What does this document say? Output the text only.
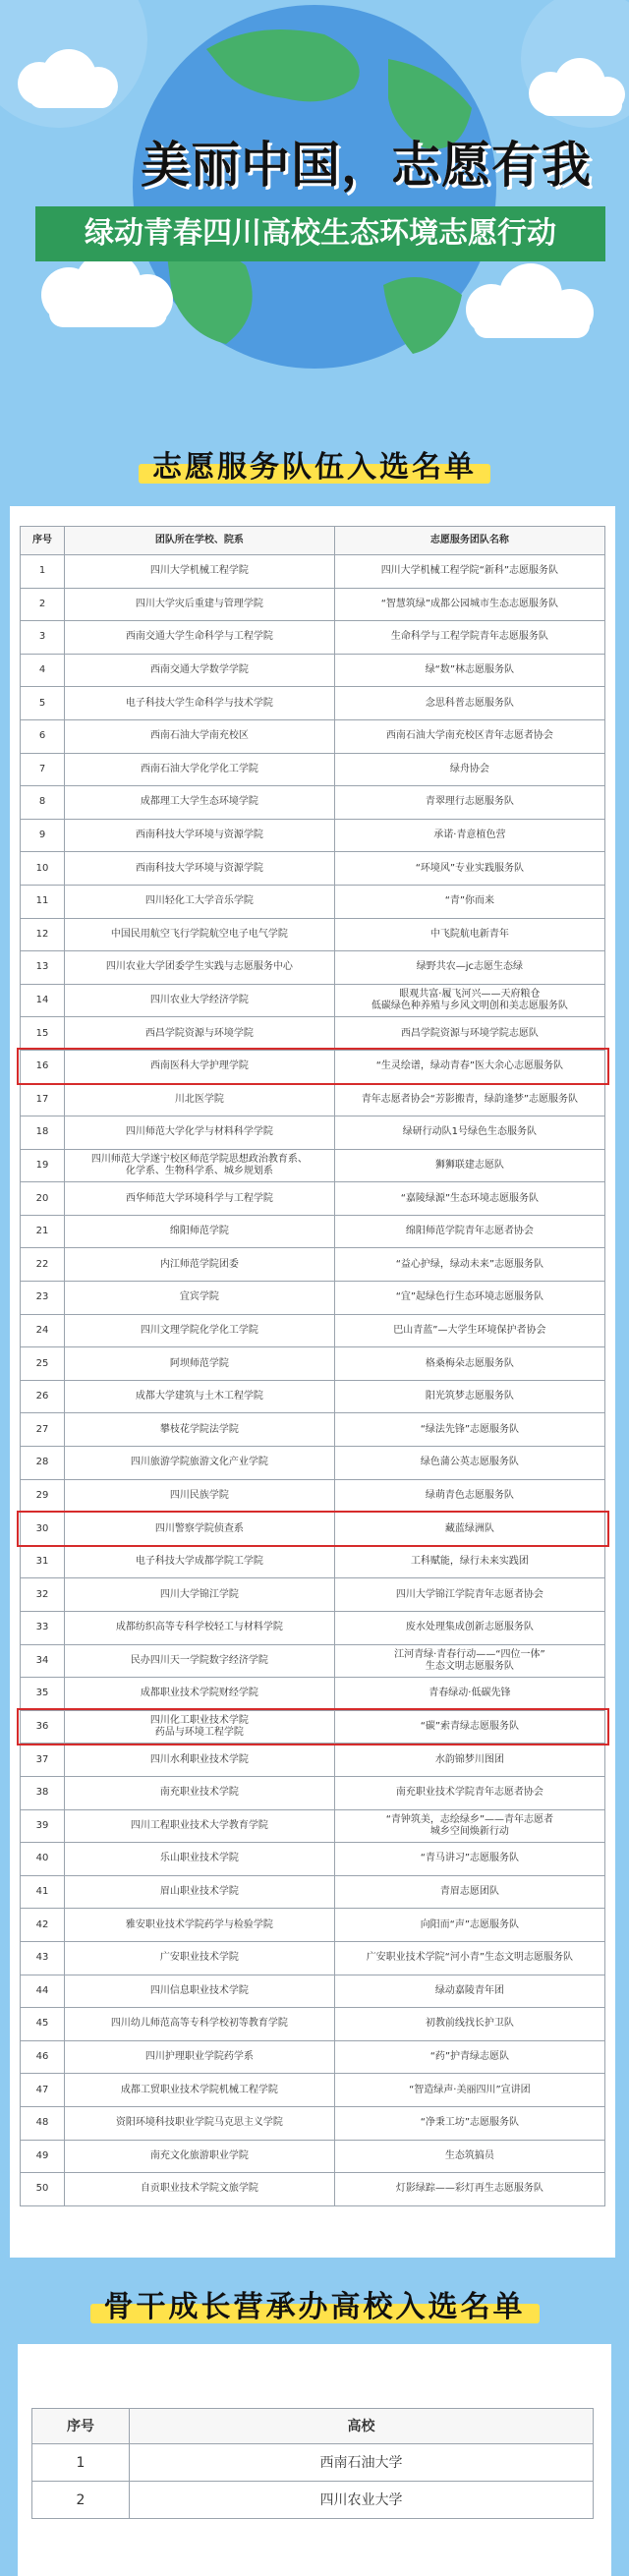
美丽中国，志愿有我
绿动青春四川高校生态环境志愿行动
志愿服务队伍入选名单
序号	团队所在学校、院系	志愿服务团队名称
1	四川大学机械工程学院	四川大学机械工程学院“新科”志愿服务队
2	四川大学灾后重建与管理学院	“智慧筑绿”成都公园城市生态志愿服务队
3	西南交通大学生命科学与工程学院	生命科学与工程学院青年志愿服务队
4	西南交通大学数学学院	绿“数”林志愿服务队
5	电子科技大学生命科学与技术学院	念思科普志愿服务队
6	西南石油大学南充校区	西南石油大学南充校区青年志愿者协会
7	西南石油大学化学化工学院	绿舟协会
8	成都理工大学生态环境学院	青翠理行志愿服务队
9	西南科技大学环境与资源学院	承诺·青意植色营
10	西南科技大学环境与资源学院	“环境风”专业实践服务队
11	四川轻化工大学音乐学院	“青”你而来
12	中国民用航空飞行学院航空电子电气学院	中飞院航电新青年
13	四川农业大学团委学生实践与志愿服务中心	绿野共农—jc志愿生态绿
14	四川农业大学经济学院	眼观共富·履飞河兴——天府粮仓
低碳绿色种养殖与乡风文明创和美志愿服务队
15	西昌学院资源与环境学院	西昌学院资源与环境学院志愿队
16	西南医科大学护理学院	“生灵绘谱，绿动青春”医大余心志愿服务队
17	川北医学院	青年志愿者协会“芳影搬青，绿韵逢梦”志愿服务队
18	四川师范大学化学与材料科学学院	绿研行动队1号绿色生态服务队
19	四川师范大学遂宁校区师范学院思想政治教育系、
化学系、生物科学系、城乡规划系	狮狮联建志愿队
20	西华师范大学环境科学与工程学院	“嘉陵绿源”生态环境志愿服务队
21	绵阳师范学院	绵阳师范学院青年志愿者协会
22	内江师范学院团委	“益心护绿，绿动未来”志愿服务队
23	宜宾学院	“宜”起绿色行生态环境志愿服务队
24	四川文理学院化学化工学院	巴山青蓝”—大学生环境保护者协会
25	阿坝师范学院	格桑梅朵志愿服务队
26	成都大学建筑与土木工程学院	阳光筑梦志愿服务队
27	攀枝花学院法学院	“绿法先锋”志愿服务队
28	四川旅游学院旅游文化产业学院	绿色蒲公英志愿服务队
29	四川民族学院	绿萌青色志愿服务队
30	四川警察学院侦查系	藏蓝绿洲队
31	电子科技大学成都学院工学院	工科赋能，绿行未来实践团
32	四川大学锦江学院	四川大学锦江学院青年志愿者协会
33	成都纺织高等专科学校轻工与材料学院	废水处理集成创新志愿服务队
34	民办四川天一学院数字经济学院	江河青绿·青春行动——“四位一体”
生态文明志愿服务队
35	成都职业技术学院财经学院	青春绿动·低碳先锋
36	四川化工职业技术学院
药品与环境工程学院	“碳”索青绿志愿服务队
37	四川水利职业技术学院	水韵锦梦川图团
38	南充职业技术学院	南充职业技术学院青年志愿者协会
39	四川工程职业技术大学教育学院	“青钟筑美，志绘绿乡”——青年志愿者
城乡空间焕新行动
40	乐山职业技术学院	“青马讲习”志愿服务队
41	眉山职业技术学院	青眉志愿团队
42	雅安职业技术学院药学与检验学院	向阳而“声”志愿服务队
43	广安职业技术学院	广安职业技术学院“河小青”生态文明志愿服务队
44	四川信息职业技术学院	绿动嘉陵青年团
45	四川幼儿师范高等专科学校初等教育学院	初教前线找长护卫队
46	四川护理职业学院药学系	“药”护青绿志愿队
47	成都工贸职业技术学院机械工程学院	“智造绿声·美丽四川”宣讲团
48	资阳环境科技职业学院马克思主义学院	“净秉工坊”志愿服务队
49	南充文化旅游职业学院	生态筑搞员
50	自贡职业技术学院文旅学院	灯影绿踪——彩灯再生志愿服务队
骨干成长营承办高校入选名单
序号	高校
1	西南石油大学
2	四川农业大学
